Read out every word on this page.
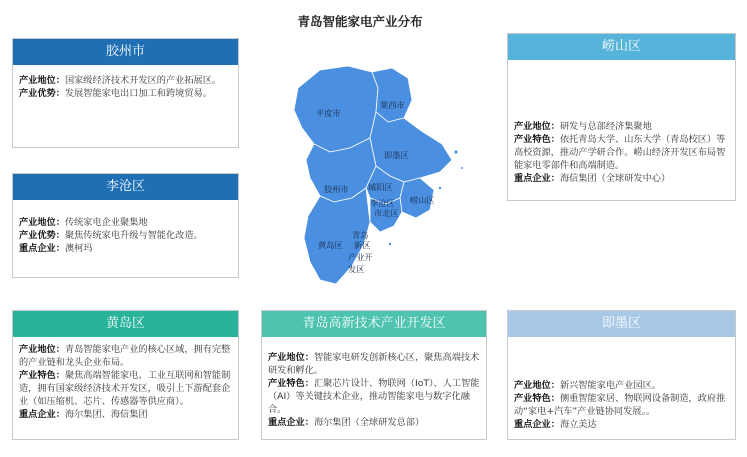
青岛智能家电产业分布
胶州市

产业地位：国家级经济技术开发区的产业拓展区。

产业优势：发展智能家电出口加工和跨境贸易。

李沧区

产业地位：传统家电企业聚集地

产业优势：聚焦传统家电升级与智能化改造。

重点企业：澳柯玛

黄岛区

产业地位：青岛智能家电产业的核心区域，拥有完整的产业链和龙头企业布局。

产业特色：聚焦高端智能家电、工业互联网和智能制造，拥有国家级经济技术开发区，吸引上下游配套企业（如压缩机、芯片、传感器等供应商）。

重点企业：海尔集团、海信集团

青岛高新技术产业开发区

产业地位：智能家电研发创新核心区，聚焦高端技术研发和孵化。

产业特色：汇聚芯片设计、物联网（IoT）、人工智能（AI）等关键技术企业，推动智能家电与数字化融合。

重点企业：海尔集团（全球研发总部）

崂山区

产业地位：研发与总部经济集聚地

产业特色：依托青岛大学、山东大学（青岛校区）等高校资源，推动产学研合作。崂山经济开发区布局智能家电零部件和高端制造。

重点企业：海信集团（全球研发中心）

即墨区

产业地位：新兴智能家电产业园区。

产业特色：侧重智能家居、物联网设备制造，政府推动“家电+汽车”产业链协同发展。。

重点企业：海立美达

平度市
莱西市
即墨区
胶州市 城阳区
李沧区 崂山区
市北区
青岛
黄岛区 新区
产业开
发区
